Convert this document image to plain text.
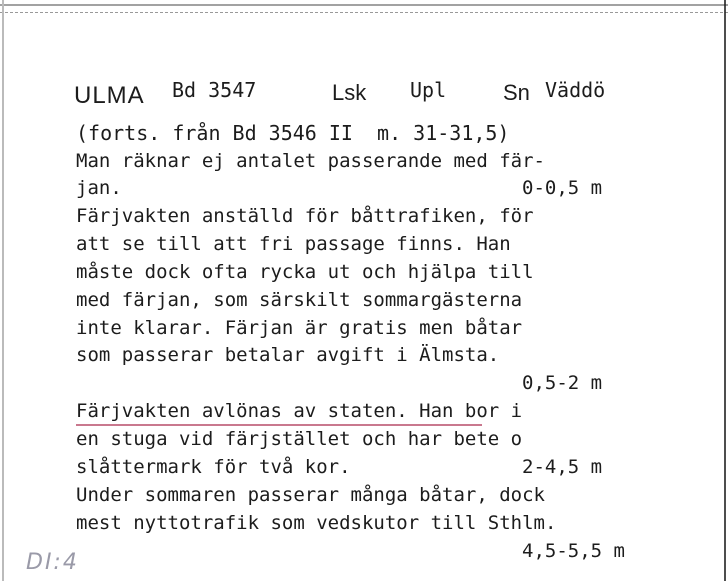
ULMA Bd 3547	Lsk Upl	Sn Väddö
(forts. från Bd 3546 II  m. 31-31,5)
Man räknar ej antalet passerande med fär-
jan.	0-0,5 m
Färjvakten anställd för båttrafiken, för
att se till att fri passage finns. Han
måste dock ofta rycka ut och hjälpa till
med färjan, som särskilt sommargästerna
inte klarar. Färjan är gratis men båtar
som passerar betalar avgift i Älmsta.
0,5-2 m
Färjvakten avlönas av staten. Han bor i
en stuga vid färjstället och har bete o
slåttermark för två kor.	2-4,5 m
Under sommaren passerar många båtar, dock
mest nyttotrafik som vedskutor till Sthlm.
4,5-5,5 m
DI:4
